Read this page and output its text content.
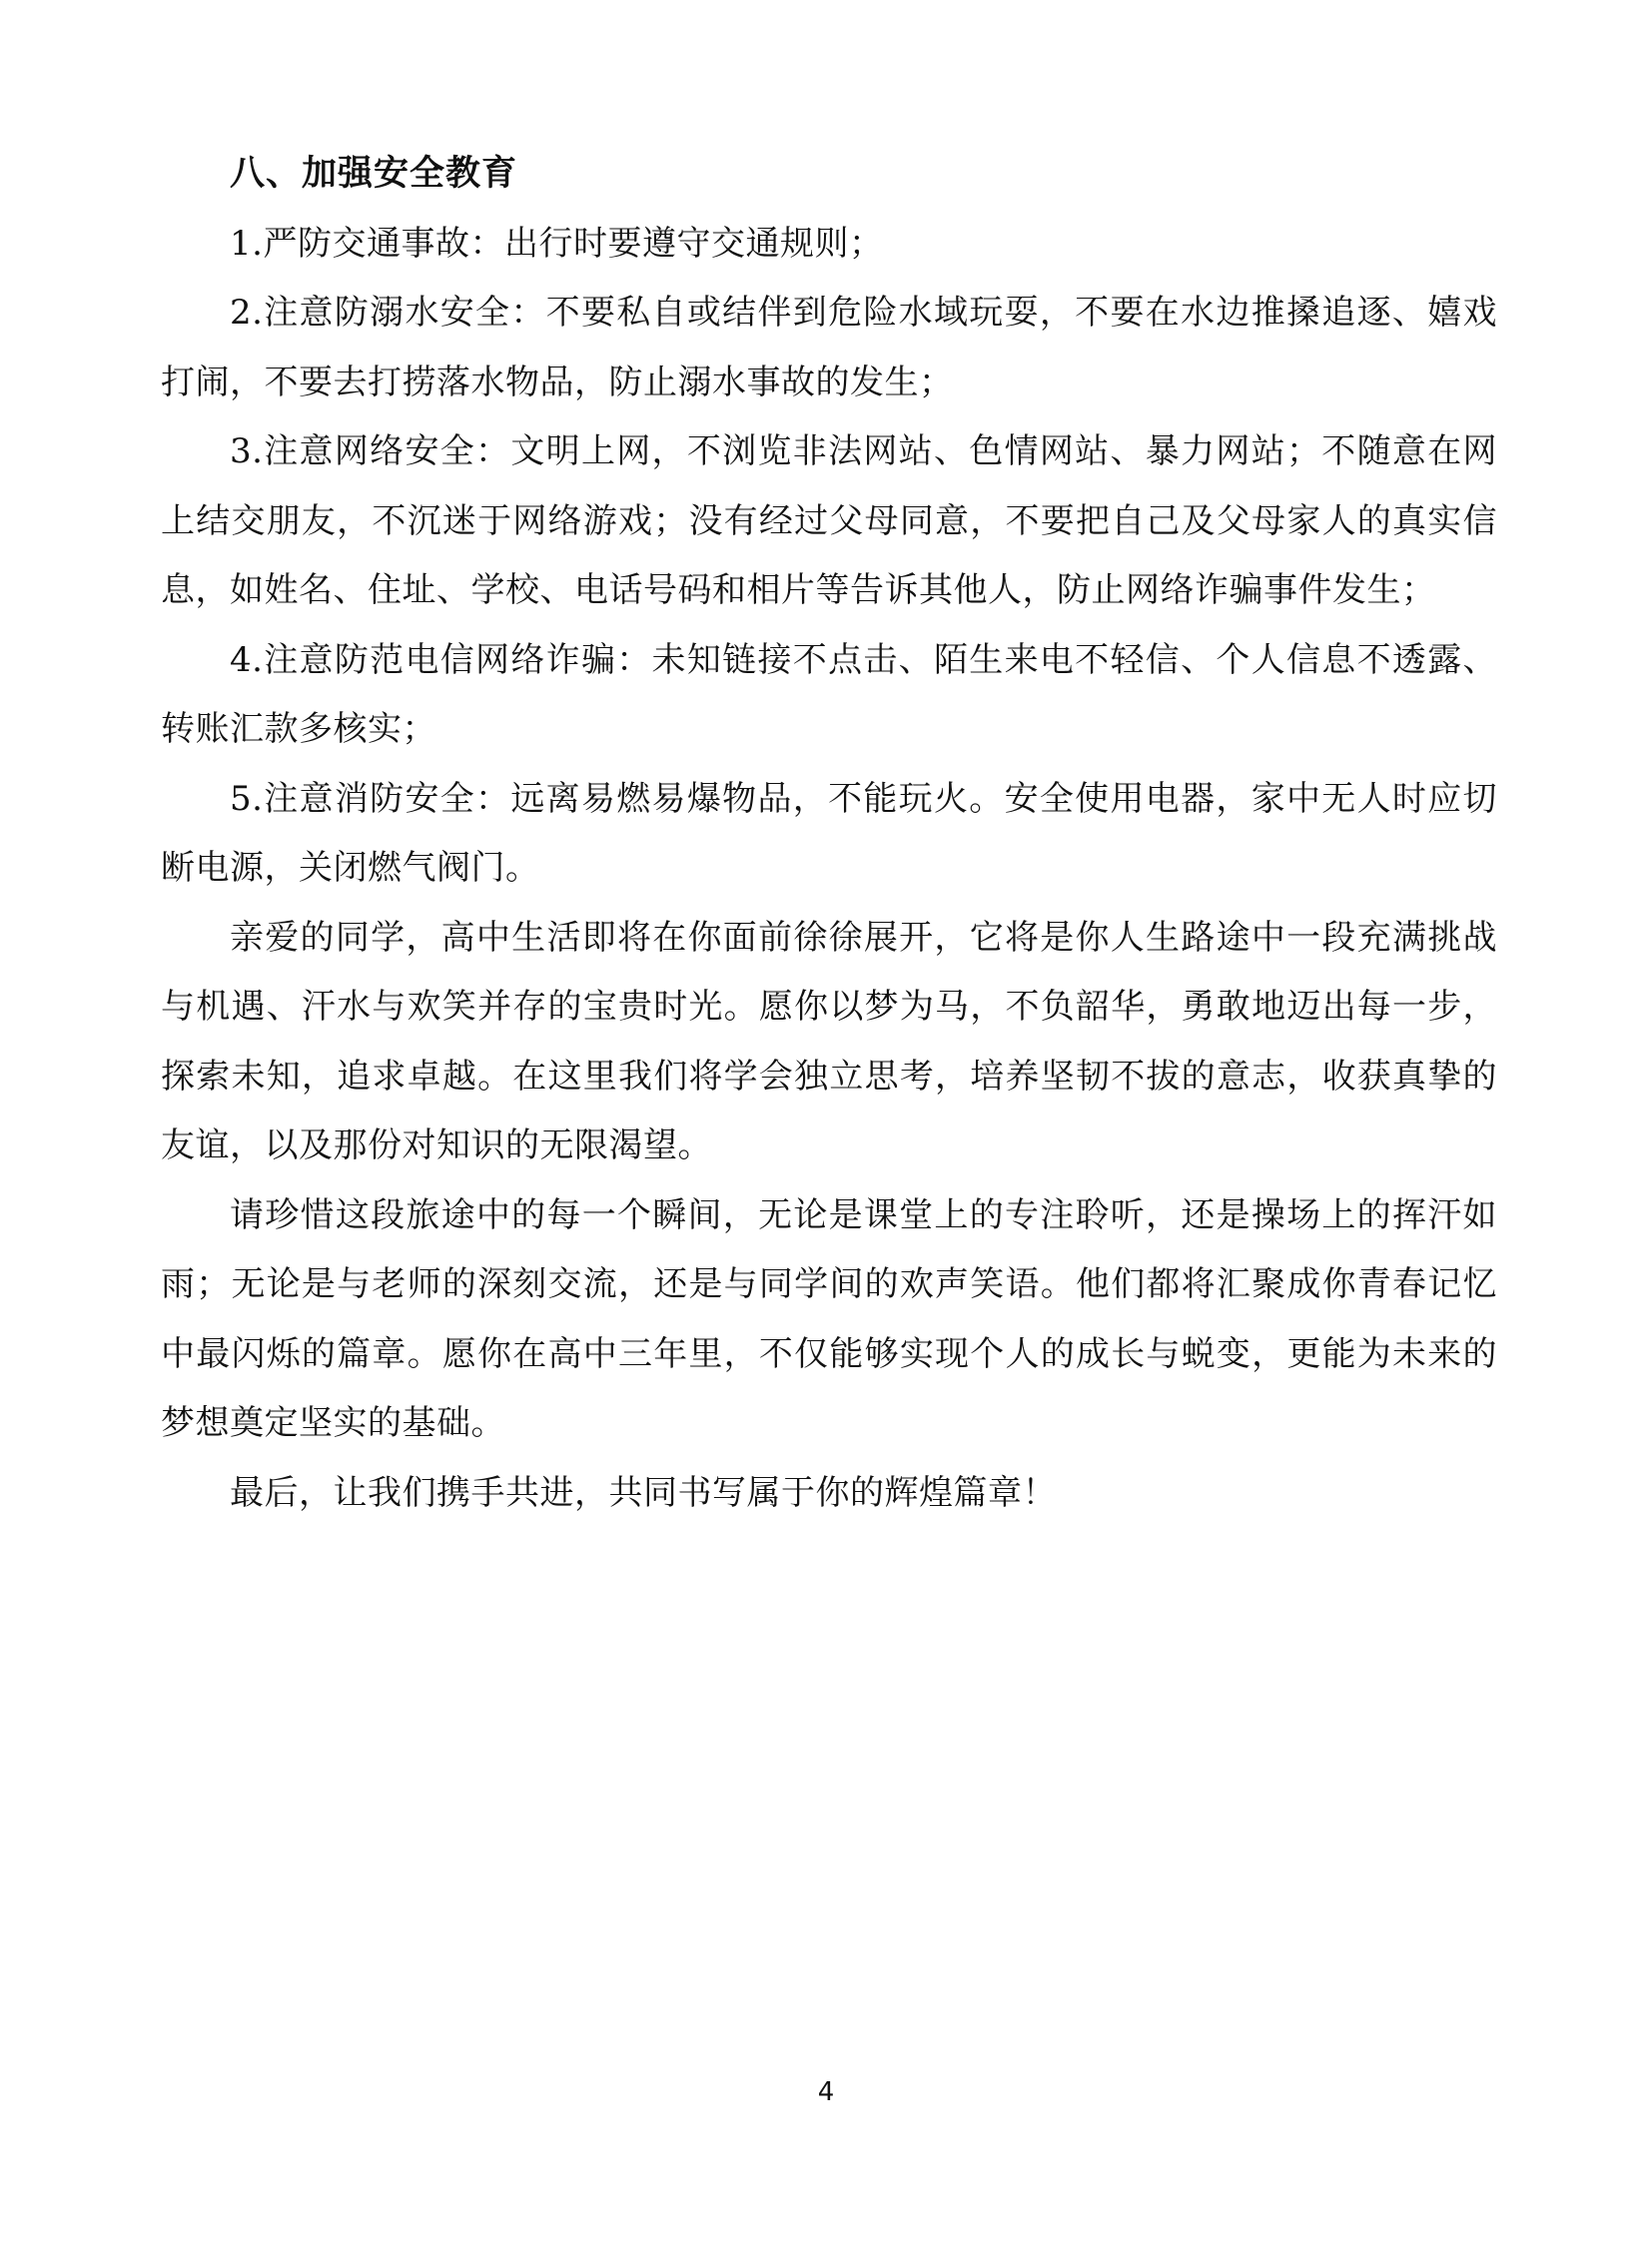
八、加强安全教育

1.严防交通事故：出行时要遵守交通规则；

2.注意防溺水安全：不要私自或结伴到危险水域玩耍，不要在水边推搡追逐、嬉戏打闹，不要去打捞落水物品，防止溺水事故的发生；

3.注意网络安全：文明上网，不浏览非法网站、色情网站、暴力网站；不随意在网上结交朋友，不沉迷于网络游戏；没有经过父母同意，不要把自己及父母家人的真实信息，如姓名、住址、学校、电话号码和相片等告诉其他人，防止网络诈骗事件发生；

4.注意防范电信网络诈骗：未知链接不点击、陌生来电不轻信、个人信息不透露、转账汇款多核实；

5.注意消防安全：远离易燃易爆物品，不能玩火。安全使用电器，家中无人时应切断电源，关闭燃气阀门。

亲爱的同学，高中生活即将在你面前徐徐展开，它将是你人生路途中一段充满挑战与机遇、汗水与欢笑并存的宝贵时光。愿你以梦为马，不负韶华，勇敢地迈出每一步，探索未知，追求卓越。在这里我们将学会独立思考，培养坚韧不拔的意志，收获真挚的友谊，以及那份对知识的无限渴望。

请珍惜这段旅途中的每一个瞬间，无论是课堂上的专注聆听，还是操场上的挥汗如雨；无论是与老师的深刻交流，还是与同学间的欢声笑语。他们都将汇聚成你青春记忆中最闪烁的篇章。愿你在高中三年里，不仅能够实现个人的成长与蜕变，更能为未来的梦想奠定坚实的基础。

最后，让我们携手共进，共同书写属于你的辉煌篇章！

4
